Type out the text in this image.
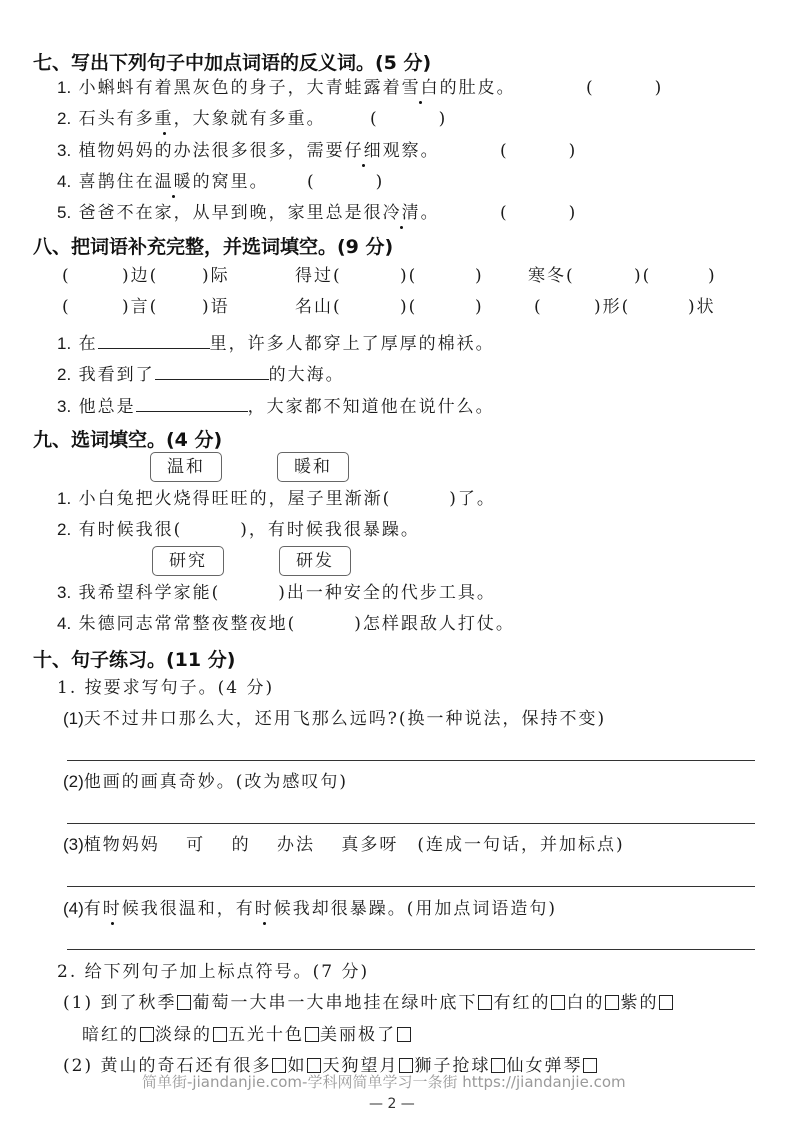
七、写出下列句子中加点词语的反义词。(5 分)
1. 小蝌蚪有着黑灰色的身子，大青蛙露着雪白的肚皮。	(	)
2. 石头有多重，大象就有多重。	(	)
3. 植物妈妈的办法很多很多，需要仔细观察。	(	)
4. 喜鹊住在温暖的窝里。 (	)
5. 爸爸不在家，从早到晚，家里总是很冷清。	(	)
八、把词语补充完整，并选词填空。(9 分)
(	)边(	)际	得过(	)(	)	寒冬(	)(	)
(	)言(	)语	名山(	)(	)	(	)形(	)状
1. 在	里，许多人都穿上了厚厚的棉袄。
2. 我看到了	的大海。
3. 他总是	，大家都不知道他在说什么。
九、选词填空。(4 分)
温和	暖和
1. 小白兔把火烧得旺旺的，屋子里渐渐(	)了。
2. 有时候我很(	)，有时候我很暴躁。
研究	研发
3. 我希望科学家能(	)出一种安全的代步工具。
4. 朱德同志常常整夜整夜地(	)怎样跟敌人打仗。
十、句子练习。(11 分)
1. 按要求写句子。(4 分)
(1)天不过井口那么大，还用飞那么远吗?(换一种说法，保持不变)
(2)他画的画真奇妙。(改为感叹句)
(3)植物妈妈　 可　 的　 办法　 真多呀　(连成一句话，并加标点)
(4)有时候我很温和，有时候我却很暴躁。(用加点词语造句)
2. 给下列句子加上标点符号。(7 分)
(1) 到了秋季 葡萄一大串一大串地挂在绿叶底下 有红的 白的 紫的
暗红的 淡绿的 五光十色 美丽极了
(2) 黄山的奇石还有很多 如 天狗望月 狮子抢球 仙女弹琴
简单街-jiandanjie.com-学科网简单学习一条街 https://jiandanjie.com
— 2 —
